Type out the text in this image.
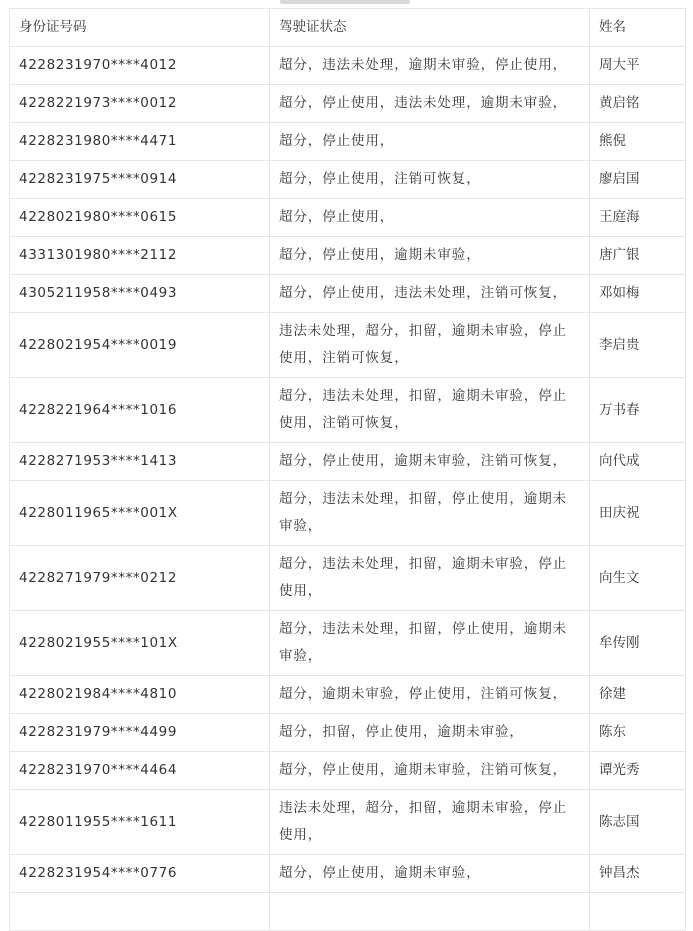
身份证号码	驾驶证状态	姓名
4228231970****4012	超分，违法未处理，逾期未审验，停止使用，	周大平
4228221973****0012	超分，停止使用，违法未处理，逾期未审验，	黄启铭
4228231980****4471	超分，停止使用，	熊倪
4228231975****0914	超分，停止使用，注销可恢复，	廖启国
4228021980****0615	超分，停止使用，	王庭海
4331301980****2112	超分，停止使用，逾期未审验，	唐广银
4305211958****0493	超分，停止使用，违法未处理，注销可恢复，	邓如梅
4228021954****0019	违法未处理，超分，扣留，逾期未审验，停止使用，注销可恢复，	李启贵
4228221964****1016	超分，违法未处理，扣留，逾期未审验，停止使用，注销可恢复，	万书春
4228271953****1413	超分，停止使用，逾期未审验，注销可恢复，	向代成
4228011965****001X	超分，违法未处理，扣留，停止使用，逾期未审验，	田庆祝
4228271979****0212	超分，违法未处理，扣留，逾期未审验，停止使用，	向生文
4228021955****101X	超分，违法未处理，扣留，停止使用，逾期未审验，	牟传刚
4228021984****4810	超分，逾期未审验，停止使用，注销可恢复，	徐建
4228231979****4499	超分，扣留，停止使用，逾期未审验，	陈东
4228231970****4464	超分，停止使用，逾期未审验，注销可恢复，	谭光秀
4228011955****1611	违法未处理，超分，扣留，逾期未审验，停止使用，	陈志国
4228231954****0776	超分，停止使用，逾期未审验，	钟昌杰
